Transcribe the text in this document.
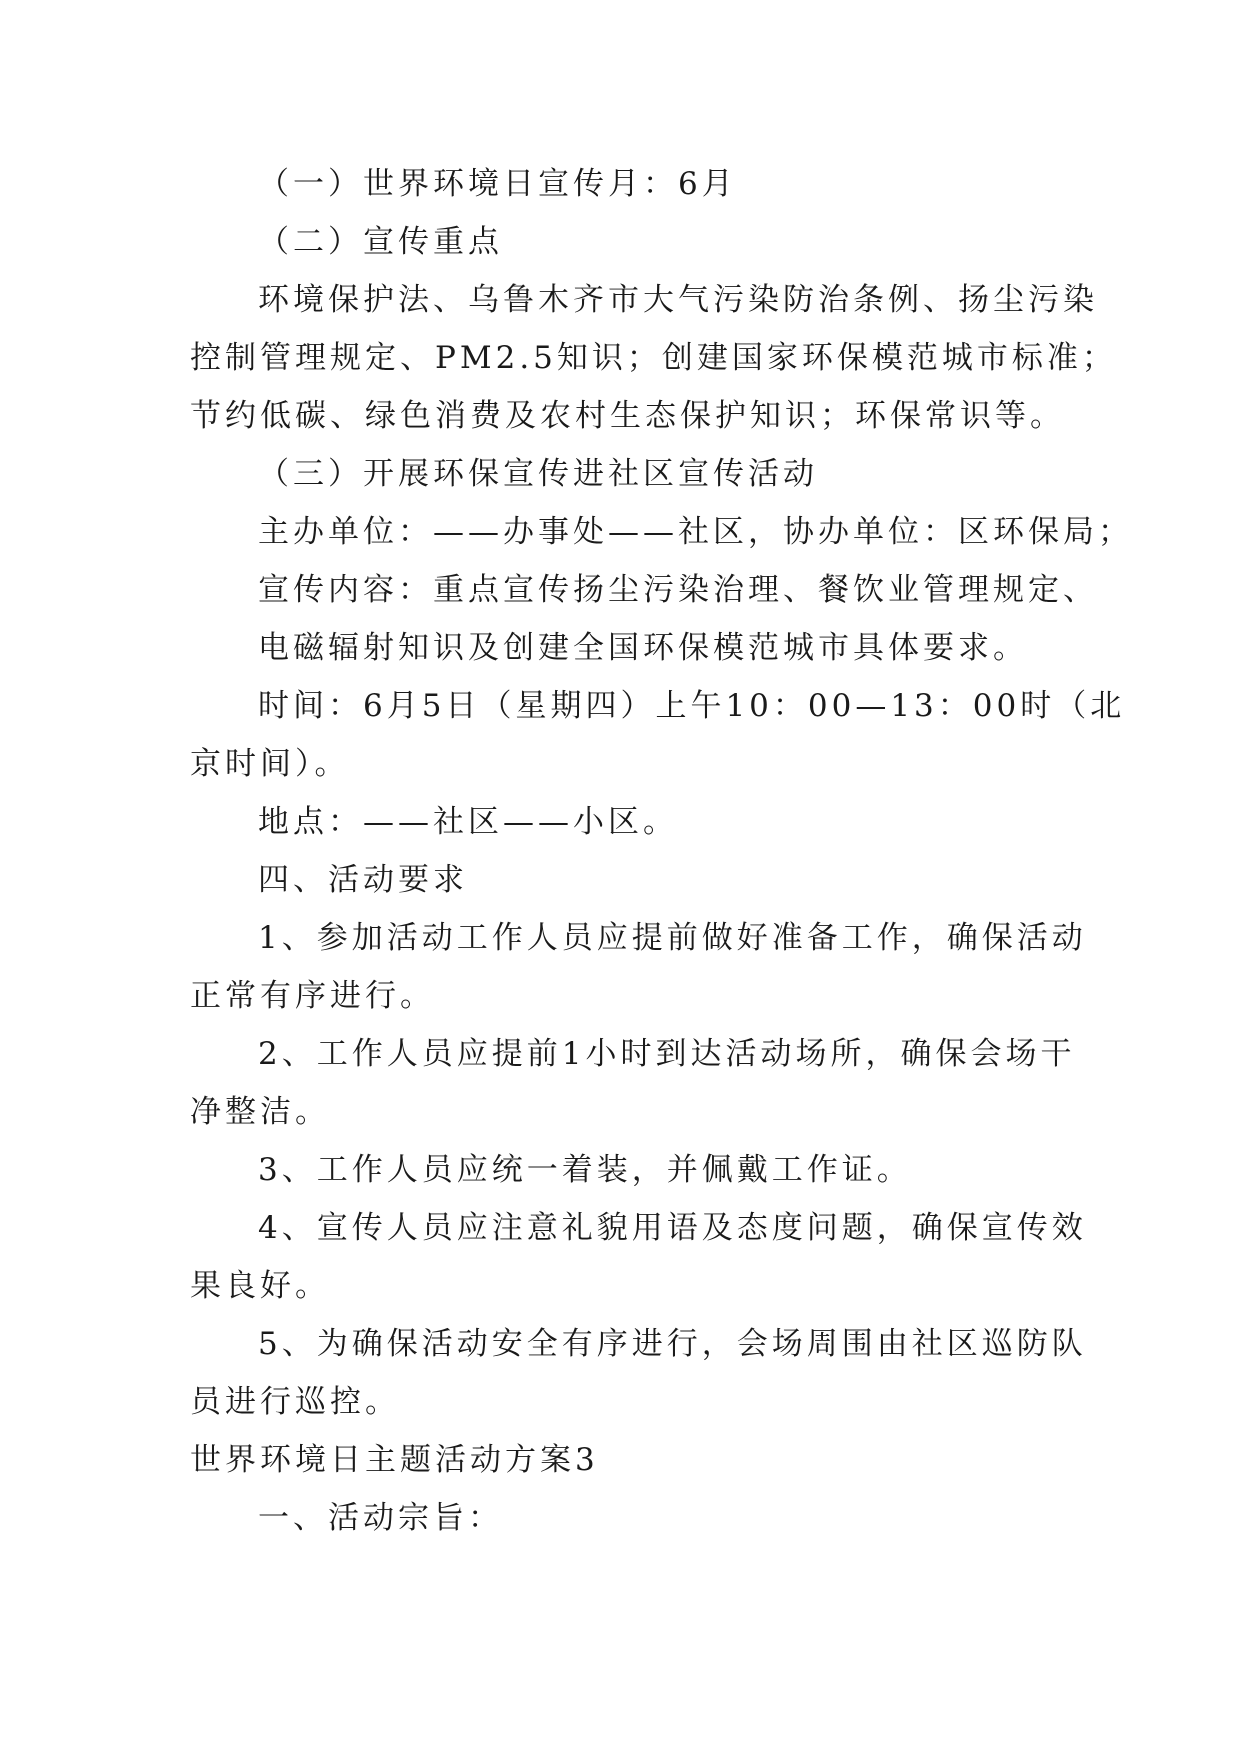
（一）世界环境日宣传月：6月
（二）宣传重点
环境保护法、乌鲁木齐市大气污染防治条例、扬尘污染
控制管理规定、PM2.5知识；创建国家环保模范城市标准；
节约低碳、绿色消费及农村生态保护知识；环保常识等。
（三）开展环保宣传进社区宣传活动
主办单位：——办事处——社区，协办单位：区环保局；
宣传内容：重点宣传扬尘污染治理、餐饮业管理规定、
电磁辐射知识及创建全国环保模范城市具体要求。
时间：6月5日（星期四）上午10：00—13：00时（北
京时间）。
地点：——社区——小区。
四、活动要求
1、参加活动工作人员应提前做好准备工作，确保活动
正常有序进行。
2、工作人员应提前1小时到达活动场所，确保会场干
净整洁。
3、工作人员应统一着装，并佩戴工作证。
4、宣传人员应注意礼貌用语及态度问题，确保宣传效
果良好。
5、为确保活动安全有序进行，会场周围由社区巡防队
员进行巡控。
世界环境日主题活动方案3
一、活动宗旨：
